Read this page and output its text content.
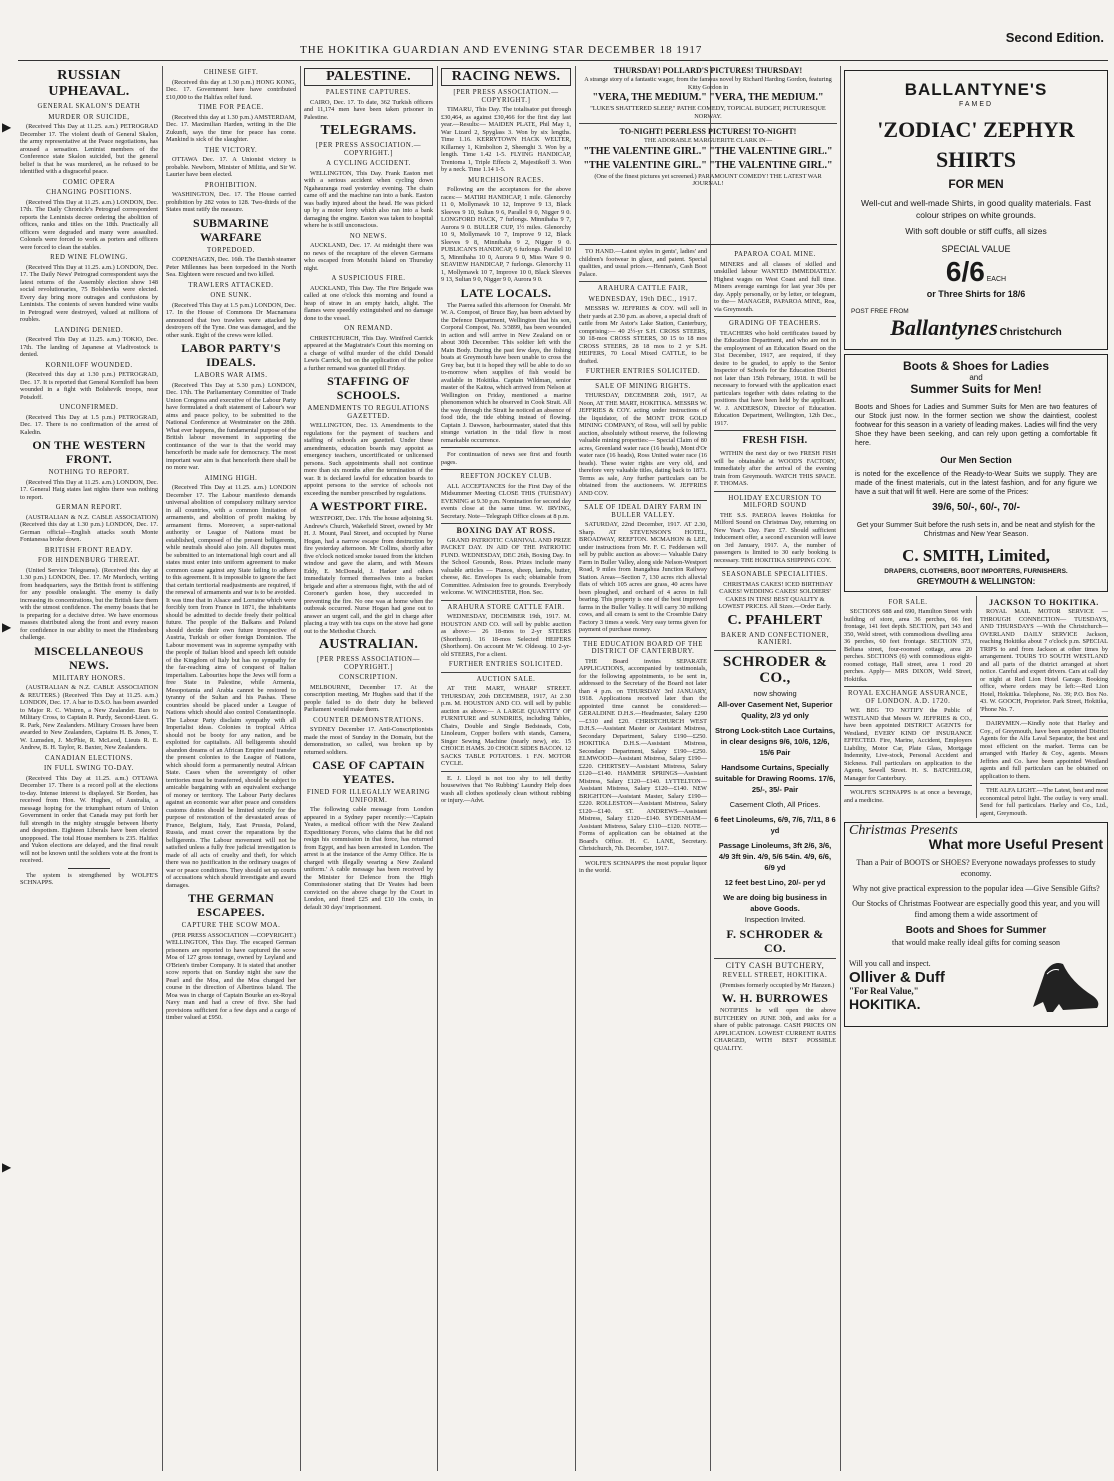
THE HOKITIKA GUARDIAN AND EVENING STAR DECEMBER 18 1917
Second Edition.
▶
▶
▶
RUSSIAN UPHEAVAL.
GENERAL SKALON'S DEATH
MURDER OR SUICIDE,

(Received This Day at 11.25. a.m.) PETROGRAD December 17. The violent death of General Skalon, the army representative at the Peace negotiations, has aroused a sensation. Leninist members of the Conference state Skalon suicided, but the general belief is that he was murdered, as he refused to be identified with a disgraceful peace.

COMIC OPERA
CHANGING POSITIONS.

(Received This Day at 11.25. a.m.) LONDON, Dec. 17th. The Daily Chronicle's Petrograd correspondent reports the Leninists decree ordering the abolition of offices, ranks and titles on the 18th. Practically all officers were degraded and many were assaulted. Colonels were forced to work as porters and officers were forced to clean the stables.

RED WINE FLOWING.

(Received This Day at 11.25. a.m.) LONDON, Dec. 17. The Daily News' Petrograd correspondent says the latest returns of the Assembly election show 148 social revolutionaries, 75 Bolsheviks were elected. Every day bring more outrages and confusions by Leninists. The contents of seven hundred wine vaults in Petrograd were destroyed, valued at millions of roubles.

LANDING DENIED.

(Received This Day at 11.25. a.m.) TOKIO, Dec. 17th. The landing of Japanese at Vladivostock is denied.

KORNILOFF WOUNDED.

(Received this day at 1.30 p.m.) PETROGRAD, Dec. 17. It is reported that General Korniloff has been wounded in a fight with Bolshevik troops, near Potsdoff.

UNCONFIRMED.

(Received This Day at 1.5 p.m.) PETROGRAD, Dec. 17. There is no confirmation of the arrest of Kaledin.

ON THE WESTERN FRONT.
NOTHING TO REPORT.

(Received This Day at 11.25. a.m.) LONDON, Dec. 17. General Haig states last nights there was nothing to report.

GERMAN REPORT.

(AUSTRALIAN & N.Z. CABLE ASSOCIATION) (Received this day at 1.30 p.m.) LONDON, Dec. 17. German official—English attacks south Monte Fontanessa broke down.

BRITISH FRONT READY.
FOR HINDENBURG THREAT.

(United Service Telegrams). (Received this day at 1.30 p.m.) LONDON, Dec. 17. Mr Murdoch, writing from headquarters, says the British front is stiffening for any possible onslaught. The enemy is daily increasing its concentrations, but the British face them with the utmost confidence. The enemy boasts that he is preparing for a decisive drive. We have enormous masses distributed along the front and every reason for confidence in our ability to meet the Hindenburg challenge.

MISCELLANEOUS NEWS.
MILITARY HONORS.

(AUSTRALIAN & N.Z. CABLE ASSOCIATION & REUTERS.) (Received This Day at 11.25. a.m.) LONDON, Dec. 17. A bar to D.S.O. has been awarded to Major R. C. Wistren, a New Zealander. Bars to Military Cross, to Captain R. Purdy, Second-Lieut. G. R. Park, New Zealanders. Military Crosses have been awarded to New Zealanders, Captains H. B. Jones, T. W. Lumsden, J. McPhie, R. McLeod, Lieuts R. E. Andrew, B. H. Taylor, R. Baxter, New Zealanders.

CANADIAN ELECTIONS.
IN FULL SWING TO-DAY.

(Received This Day at 11.25. a.m.) OTTAWA December 17. There is a record poll at the elections to-day. Intense interest is displayed. Sir Borden, has received from Hon. W. Hughes, of Australia, a message hoping for the triumphant return of Union Government in order that Canada may put forth her full strength in the mighty struggle between liberty and despotism. Eighteen Liberals have been elected unopposed. The total House members is 235. Halifax and Yukon elections are delayed, and the final result will not be known until the soldiers vote at the front is received.

The system is strengthened by WOLFE'S SCHNAPPS.

CHINESE GIFT.

(Received this day at 1.30 p.m.) HONG KONG, Dec. 17. Government here have contributed £10,000 to the Halifax relief fund.

TIME FOR PEACE.

(Received this day at 1.30 p.m.) AMSTERDAM, Dec. 17. Maximilian Harden, writing in the Die Zukunft, says the time for peace has come. Mankind is sick of the slaughter.

THE VICTORY.

OTTAWA Dec. 17. A Unionist victory is probable. Newborn, Minister of Militia, and Sir W. Laurier have been elected.

PROHIBITION.

WASHINGTON, Dec. 17. The House carried prohibition by 282 votes to 128. Two-thirds of the States must ratify the measure.

SUBMARINE WARFARE
TORPEDOED.

COPENHAGEN, Dec. 16th. The Danish steamer Peter Millennes has been torpedoed in the North Sea. Eighteen were rescued and two killed.

TRAWLERS ATTACKED.
ONE SUNK.

(Received This Day at 1.5 p.m.) LONDON, Dec. 17. In the House of Commons Dr Macnamara announced that two trawlers were attacked by destroyers off the Tyne. One was damaged, and the other sunk. Eight of the crews were killed.

LABOR PARTY'S IDEALS.
LABORS WAR AIMS.

(Received This Day at 5.30 p.m.) LONDON, Dec. 17th. The Parliamentary Committee of Trade Union Congress and executive of the Labour Party have formulated a draft statement of Labour's war aims and peace policy, to be submitted to the National Conference at Westminster on the 28th. What ever happens, the fundamental purpose of the British labour movement in supporting the continuance of the war is that the world may henceforth be made safe for democracy. The most important war aim is that henceforth there shall be no more war.

AIMING HIGH.

(Received This Day at 11.25. a.m.) LONDON December 17. The Labour manifesto demands universal abolition of compulsory military service in all countries, with a common limitation of armaments, and abolition of profit making by armament firms. Moreover, a super-national authority or League of Nations must be established, composed of the present belligerents, while neutrals should also join. All disputes must be submitted to an international high court and all states must enter into uniform agreement to make common cause against any State failing to adhere to this agreement. It is impossible to ignore the fact that certain territorial readjustments are required, if the renewal of armaments and war is to be avoided. It was time that in Alsace and Lorraine which were forcibly torn from France in 1871, the inhabitants should be admitted to decide freely their political future. The people of the Balkans and Poland should decide their own future irrespective of Austria, Turkish or other foreign Dominion. The Labour movement was in supreme sympathy with the people of Italian blood and speech left outside of the Kingdom of Italy but has no sympathy for the far-reaching aims of conquest of Italian imperialism. Labourites hope the Jews will form a free State in Palestine, while Armenia, Mesopotamia and Arabia cannot be restored to tyranny of the Sultan and his Pashas. These countries should be placed under a League of Nations which should also control Constantinople. The Labour Party disclaim sympathy with all Imperialist ideas. Colonies in tropical Africa should not be booty for any nation, and be exploited for capitalists. All belligerents should abandon dreams of an African Empire and transfer the present colonies to the League of Nations, which should form a permanently neutral African State. Cases when the sovereignty of other territories must be transferred, should be subject to amicable bargaining with an equivalent exchange of money or territory. The Labour Party declares against an economic war after peace and considers customs duties should be limited strictly for the purpose of restoration of the devastated areas of France, Belgium, Italy, East Prussia, Poland, Russia, and must cover the reparations by the belligerents. The Labour movement will not be satisfied unless a fully free judicial investigation is made of all acts of cruelty and theft, for which there was no justification in the ordinary usages of war or peace conditions. They should set up courts of accusations which should investigate and award damages.

THE GERMAN ESCAPEES.
CAPTURE THE SCOW MOA.

(PER PRESS ASSOCIATION —COPYRIGHT.) WELLINGTON, This Day. The escaped German prisoners are reported to have captured the scow Moa of 127 gross tonnage, owned by Leyland and O'Brien's timber Company. It is stated that another scow reports that on Sunday night she saw the Pearl and the Moa, and the Moa changed her course in the direction of Albertinos Island. The Moa was in charge of Captain Bourke an ex-Royal Navy man and had a crew of five. She had provisions sufficient for a few days and a cargo of timber valued at £950.

PALESTINE.
PALESTINE CAPTURES.

CAIRO, Dec. 17. To date, 362 Turkish officers and 11,174 men have been taken prisoner in Palestine.

TELEGRAMS.
[PER PRESS ASSOCIATION.—COPYRIGHT.]
A CYCLING ACCIDENT.

WELLINGTON, This Day. Frank Easton met with a serious accident when cycling down Ngahauranga road yesterday evening. The chain came off and the machine ran into a bank. Easton was badly injured about the head. He was picked up by a motor lorry which also ran into a bank damaging the engine. Easton was taken to hospital where he is still unconscious.

NO NEWS.

AUCKLAND, Dec. 17. At midnight there was no news of the recapture of the eleven Germans who escaped from Motuihi Island on Thursday night.

A SUSPICIOUS FIRE.

AUCKLAND, This Day. The Fire Brigade was called at one o'clock this morning and found a heap of straw in an empty hatch, alight. The flames were speedily extinguished and no damage done to the vessel.

ON REMAND.

CHRISTCHURCH, This Day. Winifred Carrick appeared at the Magistrate's Court this morning on a charge of wilful murder of the child Donald Lewis Carrick, but on the application of the police a further remand was granted till Friday.

STAFFING OF SCHOOLS.
AMENDMENTS TO REGULATIONS GAZETTED.

WELLINGTON, Dec. 13. Amendments to the regulations for the payment of teachers and staffing of schools are gazetted. Under these amendments, education boards may appoint as emergency teachers, uncertificated or unlicensed persons. Such appointments shall not continue more than six months after the termination of the war. It is declared lawful for education boards to appoint persons to the service of schools not exceeding the number prescribed by regulations.

A WESTPORT FIRE.

WESTPORT, Dec. 17th. The house adjoining St. Andrew's Church, Wakefield Street, owned by Mr H. J. Mount, Paul Street, and occupied by Nurse Hogan, had a narrow escape from destruction by fire yesterday afternoon. Mr Collins, shortly after five o'clock noticed smoke issued from the kitchen window and gave the alarm, and with Messrs Eddy, E. McDonald, J. Harker and others immediately formed themselves into a bucket brigade and after a strenuous fight, with the aid of Coroner's garden hose, they succeeded in preventing the fire. No one was at home when the outbreak occurred. Nurse Hogan had gone out to answer an urgent call, and the girl in charge after placing a tray with tea cups on the stove had gone out to the Methodist Church.

AUSTRALIAN.
[PER PRESS ASSOCIATION—COPYRIGHT.]
CONSCRIPTION.

MELBOURNE, December 17. At the conscription meeting, Mr Hughes said that if the people failed to do their duty he believed Parliament would make them.

COUNTER DEMONSTRATIONS.

SYDNEY December 17. Anti-Conscriptionists made the most of Sunday in the Domain, but the demonstration, so called, was broken up by returned soldiers.

CASE OF CAPTAIN YEATES.
FINED FOR ILLEGALLY WEARING UNIFORM.

The following cable message from London appeared in a Sydney paper recently:—'Captain Yeates, a medical officer with the New Zealand Expeditionary Forces, who claims that he did not resign his commission in that force, has returned from Egypt, and has been arrested in London. The arrest is at the instance of the Army Office. He is charged with illegally wearing a New Zealand uniform.' A cable message has been received by the Minister for Defence from the High Commissioner stating that Dr Yeates had been convicted on the above charge by the Court in London, and fined £25 and £10 10s costs, in default 30 days' imprisonment.

RACING NEWS.
[PER PRESS ASSOCIATION.—COPYRIGHT.]

TIMARU, This Day. The totalisator put through £30,464, as against £30,466 for the first day last year.—Results:— MAIDEN PLATE, Phil May 1, War Lizard 2, Spyglass 3. Won by six lengths. Time 1.16. KERRYTOWN HACK WELTER, Killarney 1, Kimbolton 2, Sheenghi 3. Won by a length. Time 1.42 1-5. FLYING HANDICAP, Trentoma 1, Triple Effects 2, Majestikoff 3. Won by a neck. Time 1.14 1-5.

MURCHISON RACES.

Following are the acceptances for the above races:— MATIRI HANDICAP, 1 mile. Glenorchy 11 0, Mollymawk 10 12, Improve 9 13, Black Sleeves 9 10, Sultan 9 6, Parallel 9 0, Nigger 9 0. LONGFORD HACK, 7 furlongs. Minnihaha 9 7, Aurora 9 0. BULLER CUP, 1½ miles. Glenorchy 10 9, Mollymawk 10 7, Improve 9 12, Black Sleeves 9 8, Minnihaha 9 2, Nigger 9 0. PUBLICAN'S HANDICAP, 6 furlongs. Parallel 10 5, Minnihaha 10 0, Aurora 9 0, Miss Ware 9 0. SEAVIEW HANDICAP, 7 furlongs. Glenorchy 11 1, Mollymawk 10 7, Improve 10 0, Black Sleeves 9 13, Sultan 9 0, Nigger 9 0, Aurora 9 0.

LATE LOCALS.

The Paerea sailed this afternoon for Onerahi. Mr W. A. Compost, of Bruce Bay, has been advised by the Defence Department, Wellington that his son, Corporal Compost, No. 3/3899, has been wounded in action and will arrive in New Zealand on or about 30th December. This soldier left with the Main Body. During the past few days, the fishing boats at Greymouth have been unable to cross the Grey bar, but it is hoped they will be able to do so to-morrow when supplies of fish would be available in Hokitika. Captain Wildman, senior master of the Kaitoa, which arrived from Nelson at Wellington on Friday, mentioned a marine phenomenon which he observed in Cook Strait. All the way through the Strait he noticed an absence of food tide, the tide ebbing instead of flowing. Captain J. Dawson, harbourmaster, stated that this strange variation in the tidal flow is most remarkable occurrence.

For continuation of news see first and fourth pages.

REEFTON JOCKEY CLUB.

ALL ACCEPTANCES for the First Day of the Midsummer Meeting CLOSE THIS (TUESDAY) EVENING at 9.30 p.m. Nomination for second day events close at the same time. W. IRVING, Secretary. Note—Telegraph Office closes at 8 p.m.

BOXING DAY AT ROSS.

GRAND PATRIOTIC CARNIVAL AND PRIZE PACKET DAY. IN AID OF THE PATRIOTIC FUND. WEDNESDAY, DEC 26th, Boxing Day. In the School Grounds, Ross. Prizes include many valuable articles — Pianos, sheep, lambs, butter, cheese, &c. Envelopes 1s each; obtainable from Committee. Admission free to grounds. Everybody welcome. W. WINCHESTER, Hon. Sec.

ARAHURA STORE CATTLE FAIR.

WEDNESDAY, DECEMBER 19th, 1917. M. HOUSTON AND CO. will sell by public auction as above:— 26 18-mos to 2-yr STEERS (Shorthorn). 16 18-mos Selected HEIFERS (Shorthorn). On account Mr W. Oldesug. 10 2-yr-old STEERS, For a client.

FURTHER ENTRIES SOLICITED.
AUCTION SALE.

AT THE MART, WHARF STREET. THURSDAY, 20th DECEMBER, 1917, At 2.30 p.m. M. HOUSTON AND CO. will sell by public auction as above:— A LARGE QUANTITY OF FURNITURE and SUNDRIES, including Tables, Chairs, Double and Single Bedsteads, Cots, Linoleum, Copper boilers with stands, Camera, Singer Sewing Machine (nearly new), etc. 15 CHOICE HAMS. 20 CHOICE SIDES BACON. 12 SACKS TABLE POTATOES. 1 F.N. MOTOR CYCLE.

E. J. Lloyd is not too shy to tell thrifty housewives that 'No Rubbing' Laundry Help does wash all clothes spotlessly clean without rubbing or injury.—Advt.

THURSDAY! POLLARD'S PICTURES! THURSDAY!
A strange story of a fantastic wager, from the famous novel by Richard Harding Gordon, featuring Kitty Gordon in
"VERA, THE MEDIUM." "VERA, THE MEDIUM."
"LUKE'S SHATTERED SLEEP," PATHE COMEDY, TOPICAL BUDGET, PICTURESQUE NORWAY.
TO-NIGHT! PEERLESS PICTURES! TO-NIGHT!
THE ADORABLE MARGUERITE CLARK IN—
"THE VALENTINE GIRL." "THE VALENTINE GIRL."
"THE VALENTINE GIRL." "THE VALENTINE GIRL."
(One of the finest pictures yet screened.) PARAMOUNT COMEDY! THE LATEST WAR JOURNAL!

TO HAND.—Latest styles in gents', ladies' and children's footwear in glace, and patent. Special qualities, and usual prices.—Hennan's, Cash Boot Palace.

ARAHURA CATTLE FAIR,
WEDNESDAY, 19th DEC., 1917.

MESSRS W. JEFFRIES & COY. will sell in their yards at 2.30 p.m. as above, a special draft of cattle from Mr Astor's Lake Station, Canterbury, comprising:— 40 2½-yr S.H. CROSS STEERS, 30 18-mos CROSS STEERS, 30 15 to 18 mos CROSS STEERS, 28 18 mos to 2 yr S.H. HEIFERS, 70 Local Mixed CATTLE, to be drafted.

FURTHER ENTRIES SOLICITED.
SALE OF MINING RIGHTS.

THURSDAY, DECEMBER 20th, 1917, At Noon, AT THE MART, HOKITIKA. MESSRS W. JEFFRIES & COY. acting under instructions of the liquidator, of the MONT D'OR GOLD MINING COMPANY, of Ross, will sell by public auction, absolutely without reserve, the following valuable mining properties:— Special Claim of 80 acres, Greenland water race (16 heads), Mont d'Or water race (16 heads), Ross United water race (16 heads). These water rights are very old, and therefore very valuable titles, dating back to 1873. Terms as sale, Any further particulars can be obtained from the auctioneers. W. JEFFRIES AND COY.

SALE OF IDEAL DAIRY FARM IN BULLER VALLEY.

SATURDAY, 22nd December, 1917. AT 2.30, Sharp. AT STEVENSON'S HOTEL, BROADWAY, REEFTON. MCMAHON & LEE, under instructions from Mr. F. C. Feddersen will sell by public auction as above:— Valuable Dairy Farm in Buller Valley, along side Nelson-Westport Road, 9 miles from Inangahua Junction Railway Station. Areas—Section 7, 130 acres rich alluvial flats of which 105 acres are grass, 40 acres have been ploughed, and orchard of 4 acres in full bearing. This property is one of the best improved farms in the Buller Valley. It will carry 30 milking cows, and all cream is sent to the Crosmbie Dairy Factory 3 times a week. Very easy terms given for payment of purchase money.

THE EDUCATION BOARD OF THE DISTRICT OF CANTERBURY.

THE Board invites SEPARATE APPLICATIONS, accompanied by testimonials, for the following appointments, to be sent in, addressed to the Secretary of the Board not later than 4 p.m. on THURSDAY 3rd JANUARY, 1918. Applications received later than the appointed time cannot be considered:— GERALDINE D.H.S.—Headmaster, Salary £290—£310 and £20. CHRISTCHURCH WEST D.H.S.—Assistant Master or Assistant Mistress, Secondary Department, Salary £190—£250. HOKITIKA D.H.S.—Assistant Mistress, Secondary Department, Salary £190—£250. ELMWOOD—Assistant Mistress, Salary £190—£220. CHERTSEY—Assistant Mistress, Salary £120—£140. HAMMER SPRINGS—Assistant Mistress, Salary £120—£140. LYTTELTON—Assistant Mistress, Salary £120—£140. NEW BRIGHTON—Assistant Master, Salary £190—£220. ROLLESTON—Assistant Mistress, Salary £120—£140. ST. ANDREWS—Assistant Mistress, Salary £120—£140. SYDENHAM—Assistant Mistress, Salary £110—£120. NOTE—Forms of application can be obtained at the Board's Office. H. C. LANE, Secretary. Christchurch, 7th. December, 1917.

WOLFE'S SCHNAPPS the most popular liquor in the world.

PAPAROA COAL MINE.

MINERS and all classes of skilled and unskilled labour WANTED IMMEDIATELY. Highest wages on West Coast and full time. Miners average earnings for last year 30s per day. Apply personally, or by letter, or telegram, to the— MANAGER, PAPAROA MINE, Roa, via Greymouth.

GRADING OF TEACHERS.

TEACHERS who hold certificates issued by the Education Department, and who are not in the employment of an Education Board on the 31st December, 1917, are required, if they desire to be graded, to apply to the Senior Inspector of Schools for the Education District not later than 15th February, 1918. It will be necessary to forward with the application exact particulars together with dates relating to the positions that have been held by the applicant. W. J. ANDERSON, Director of Education. Education Department, Wellington, 12th Dec., 1917.

FRESH FISH.

WITHIN the next day or two FRESH FISH will be obtainable at WOOD'S FACTORY, immediately after the arrival of the evening train from Greymouth. WATCH THIS SPACE. F. THOMAS.

HOLIDAY EXCURSION TO MILFORD SOUND

THE S.S. PAEROA leaves Hokitika for Milford Sound on Christmas Day, returning on New Year's Day. Fare £7. Should sufficient inducement offer, a second excursion will leave on 3rd January, 1917. A, the number of passengers is limited to 30 early booking is necessary. THE HOKITIKA SHIPPING COY.

SEASONABLE SPECIALITIES.

CHRISTMAS CAKES! ICED BIRTHDAY CAKES! WEDDING CAKES! SOLDIERS' CAKES IN TINS! BEST QUALITY & LOWEST PRICES. All Sizes.—Order Early.

C. PFAHLERT
BAKER AND CONFECTIONER, KANIERI.
SCHRODER & CO.,
now showing
All-over Casement Net, Superior Quality, 2/3 yd only
Strong Lock-stitch Lace Curtains, in clear designs 9/6, 10/6, 12/6, 15/6 Pair
Handsome Curtains, Specially suitable for Drawing Rooms. 17/6, 25/-, 35/- Pair
Casement Cloth, All Prices.
6 feet Linoleums, 6/9, 7/6, 7/11, 8 6 yd
Passage Linoleums, 3ft 2/6, 3/6, 4/9 3ft 9in. 4/9, 5/6 54in. 4/9, 6/6, 6/9 yd
12 feet best Lino, 20/- per yd
We are doing big business in above Goods.
Inspection Invited.
F. SCHRODER & CO.
CITY CASH BUTCHERY,
REVELL STREET, HOKITIKA.

(Premises formerly occupied by Mr Hanzen.)

W. H. BURROWES

NOTIFIES he will open the above BUTCHERY on JUNE 30th, and asks for a share of public patronage. CASH PRICES ON APPLICATION. LOWEST CURRENT RATES CHARGED, WITH BEST POSSIBLE QUALITY.

BALLANTYNE'S
FAMED
'ZODIAC' ZEPHYR SHIRTS
FOR MEN
Well-cut and well-made Shirts, in good quality materials. Fast colour stripes on white grounds.
With soft double or stiff cuffs, all sizes
SPECIAL VALUE
6/6 EACH
or Three Shirts for 18/6
POST FREE FROM
Ballantynes Christchurch
Boots & Shoes for Ladies
and
Summer Suits for Men!
Boots and Shoes for Ladies and Summer Suits for Men are two features of our Stock just now. In the former section we show the daintiest, coolest footwear for this season in a variety of leading makes. Ladies will find the very Shoe they have been seeking, and can rely upon getting a comfortable fit here.
Our Men Section
is noted for the excellence of the Ready-to-Wear Suits we supply. They are made of the finest materials, cut in the latest fashion, and for any figure we have a suit that will fit well. Here are some of the Prices:
39/6, 50/-, 60/-, 70/-
Get your Summer Suit before the rush sets in, and be neat and stylish for the Christmas and New Year Season.
C. SMITH, Limited,
DRAPERS, CLOTHIERS, BOOT IMPORTERS, FURNISHERS.
GREYMOUTH & WELLINGTON:
FOR SALE.

SECTIONS 688 and 690, Hamilton Street with building of store, area 36 perches, 66 feet frontage, 141 feet depth. SECTION, part 343 and 350, Weld street, with commodious dwelling area 36 perches, 60 feet frontage. SECTION 373, Beltana street, four-roomed cottage, area 20 perches. SECTIONS (6) with commodious eight-roomed cottage, Hall street, area 1 rood 20 perches. Apply— MRS DIXON, Weld Street, Hokitika.

ROYAL EXCHANGE ASSURANCE, OF LONDON. A.D. 1720.

WE BEG TO NOTIFY the Public of WESTLAND that Messrs W. JEFFRIES & CO., have been appointed DISTRICT AGENTS for Westland, EVERY KIND OF INSURANCE EFFECTED. Fire, Marine, Accident, Employers Liability, Motor Car, Plate Glass, Mortgage Indemnity, Live-stock, Personal Accident and Sickness. Full particulars on application to the Agents, Sewell Street. H. S. BATCHELOR, Manager for Canterbury.

WOLFE'S SCHNAPPS is at once a beverage, and a medicine.

JACKSON TO HOKITIKA.

ROYAL MAIL MOTOR SERVICE —THROUGH CONNECTION— TUESDAYS, AND THURSDAYS —With the Christchurch— OVERLAND DAILY SERVICE Jackson, reaching Hokitika about 7 o'clock p.m. SPECIAL TRIPS to and from Jackson at other times by arrangement. TOURS TO SOUTH WESTLAND and all parts of the district arranged at short notice. Careful and expert drivers. Cars at call day or night at Red Lion Hotel Garage. Booking office, where orders may be left:—Red Lion Hotel, Hokitika. Telephone, No. 39; P.O. Box No. 43. W. GOOCH, Proprietor. Park Street, Hokitika, 'Phone No. 7.

DAIRYMEN.—Kindly note that Harley and Coy., of Greymouth, have been appointed District Agents for the Alfa Laval Separator, the best and most efficient on the market. Terms can be arranged with Harley & Coy., agents. Messrs Jeffries and Co. have been appointed Westland agents and full particulars can be obtained on application to them.

THE ALFA LIGHT.—The Latest, best and most economical petrol light. The outlay is very small. Send for full particulars. Harley and Co., Ltd., agent, Greymouth.

Christmas Presents
What more Useful Present
Than a Pair of BOOTS or SHOES? Everyone nowadays professes to study economy.
Why not give practical expression to the popular idea —Give Sensible Gifts?
Our Stocks of Christmas Footwear are especially good this year, and you will find among them a wide assortment of
Boots and Shoes for Summer
that would make really ideal gifts for coming season
Will you call and inspect.
Olliver & Duff
"For Real Value,"
HOKITIKA.
